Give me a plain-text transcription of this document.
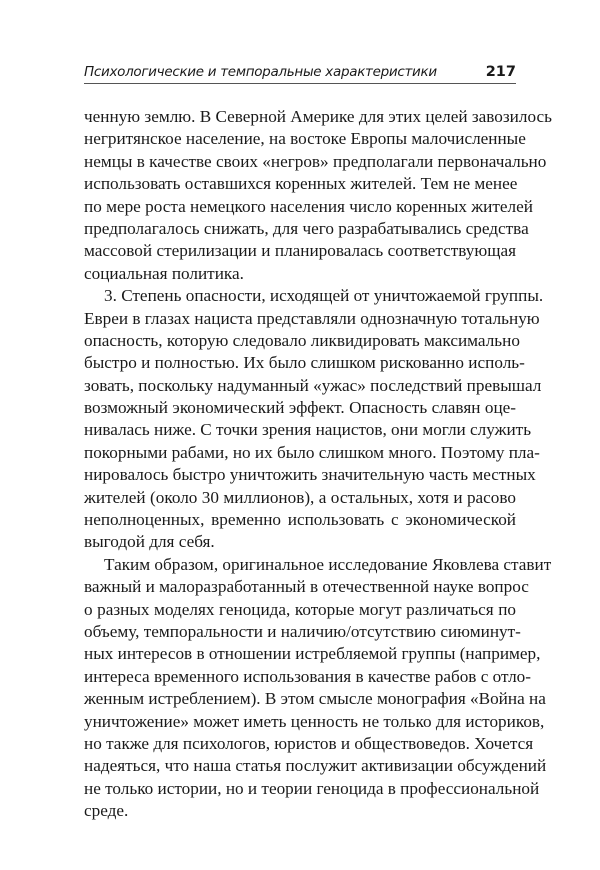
Психологические и темпоральные характеристики	217
ченную землю. В Северной Америке для этих целей завозилось
негритянское население, на востоке Европы малочисленные
немцы в качестве своих «негров» предполагали первоначально
использовать оставшихся коренных жителей. Тем не менее
по мере роста немецкого населения число коренных жителей
предполагалось снижать, для чего разрабатывались средства
массовой стерилизации и планировалась соответствующая
социальная политика.
3. Степень опасности, исходящей от уничтожаемой группы.
Евреи в глазах нациста представляли однозначную тотальную
опасность, которую следовало ликвидировать максимально
быстро и полностью. Их было слишком рискованно исполь-
зовать, поскольку надуманный «ужас» последствий превышал
возможный экономический эффект. Опасность славян оце-
нивалась ниже. С точки зрения нацистов, они могли служить
покорными рабами, но их было слишком много. Поэтому пла-
нировалось быстро уничтожить значительную часть местных
жителей (около 30 миллионов), а остальных, хотя и расово
неполноценных, временно использовать с экономической
выгодой для себя.
Таким образом, оригинальное исследование Яковлева ставит
важный и малоразработанный в отечественной науке вопрос
о разных моделях геноцида, которые могут различаться по
объему, темпоральности и наличию/отсутствию сиюминут-
ных интересов в отношении истребляемой группы (например,
интереса временного использования в качестве рабов с отло-
женным истреблением). В этом смысле монография «Война на
уничтожение» может иметь ценность не только для историков,
но также для психологов, юристов и обществоведов. Хочется
надеяться, что наша статья послужит активизации обсуждений
не только истории, но и теории геноцида в профессиональной
среде.
